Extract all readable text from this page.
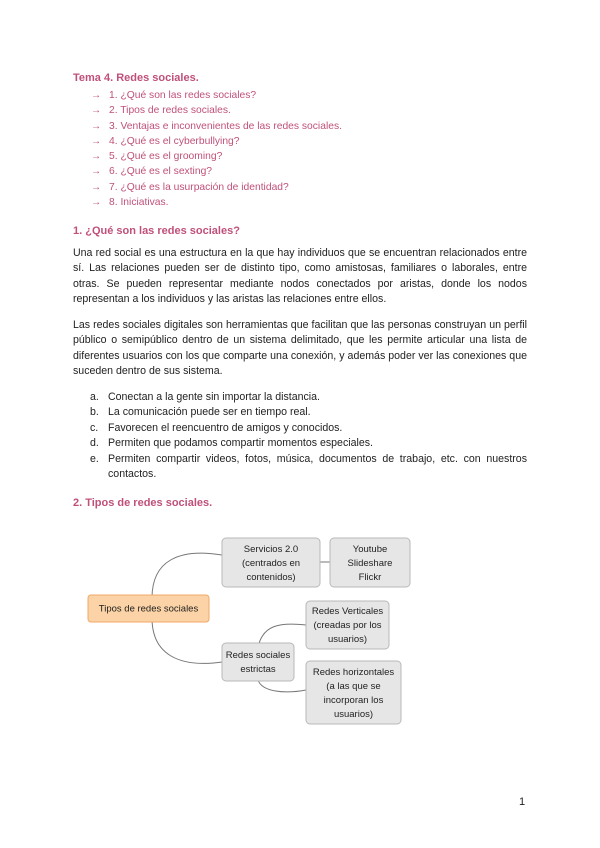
Tema 4. Redes sociales.
→ 1. ¿Qué son las redes sociales?
→ 2. Tipos de redes sociales.
→ 3. Ventajas e inconvenientes de las redes sociales.
→ 4. ¿Qué es el cyberbullying?
→ 5. ¿Qué es el grooming?
→ 6. ¿Qué es el sexting?
→ 7. ¿Qué es la usurpación de identidad?
→ 8. Iniciativas.
1. ¿Qué son las redes sociales?

Una red social es una estructura en la que hay individuos que se encuentran relacionados entre sí. Las relaciones pueden ser de distinto tipo, como amistosas, familiares o laborales, entre otras. Se pueden representar mediante nodos conectados por aristas, donde los nodos representan a los individuos y las aristas las relaciones entre ellos.

Las redes sociales digitales son herramientas que facilitan que las personas construyan un perfil público o semipúblico dentro de un sistema delimitado, que les permite articular una lista de diferentes usuarios con los que comparte una conexión, y además poder ver las conexiones que suceden dentro de sus sistema.

a. Conectan a la gente sin importar la distancia.
b. La comunicación puede ser en tiempo real.
c. Favorecen el reencuentro de amigos y conocidos.
d. Permiten que podamos compartir momentos especiales.
e. Permiten compartir videos, fotos, música, documentos de trabajo, etc. con nuestros contactos.
2. Tipos de redes sociales.
Tipos de redes sociales
Servicios 2.0
(centrados en
contenidos)
Youtube
Slideshare
Flickr
Redes sociales
estrictas
Redes Verticales
(creadas por los
usuarios)
Redes horizontales
(a las que se
incorporan los
usuarios)
1
